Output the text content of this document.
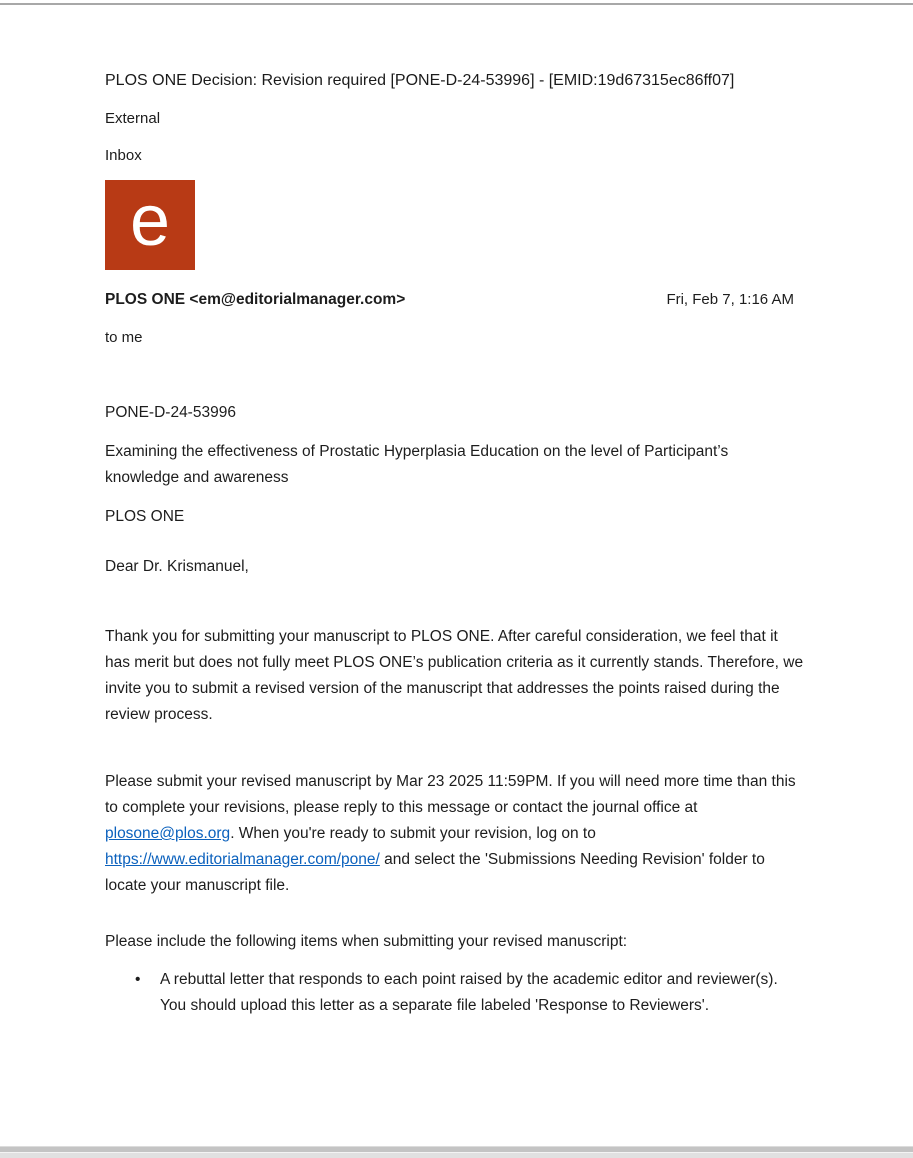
PLOS ONE Decision: Revision required [PONE-D-24-53996] - [EMID:19d67315ec86ff07]
External
Inbox
e
PLOS ONE <em@editorialmanager.com>	Fri, Feb 7, 1:16 AM
to me
PONE-D-24-53996
Examining the effectiveness of Prostatic Hyperplasia Education on the level of Participant’s knowledge and awareness
PLOS ONE
Dear Dr. Krismanuel,
Thank you for submitting your manuscript to PLOS ONE. After careful consideration, we feel that it has merit but does not fully meet PLOS ONE’s publication criteria as it currently stands. Therefore, we invite you to submit a revised version of the manuscript that addresses the points raised during the review process.
Please submit your revised manuscript by Mar 23 2025 11:59PM. If you will need more time than this to complete your revisions, please reply to this message or contact the journal office at plosone@plos.org. When you're ready to submit your revision, log on to https://www.editorialmanager.com/pone/ and select the 'Submissions Needing Revision' folder to locate your manuscript file.
Please include the following items when submitting your revised manuscript:
• A rebuttal letter that responds to each point raised by the academic editor and reviewer(s). You should upload this letter as a separate file labeled 'Response to Reviewers'.
